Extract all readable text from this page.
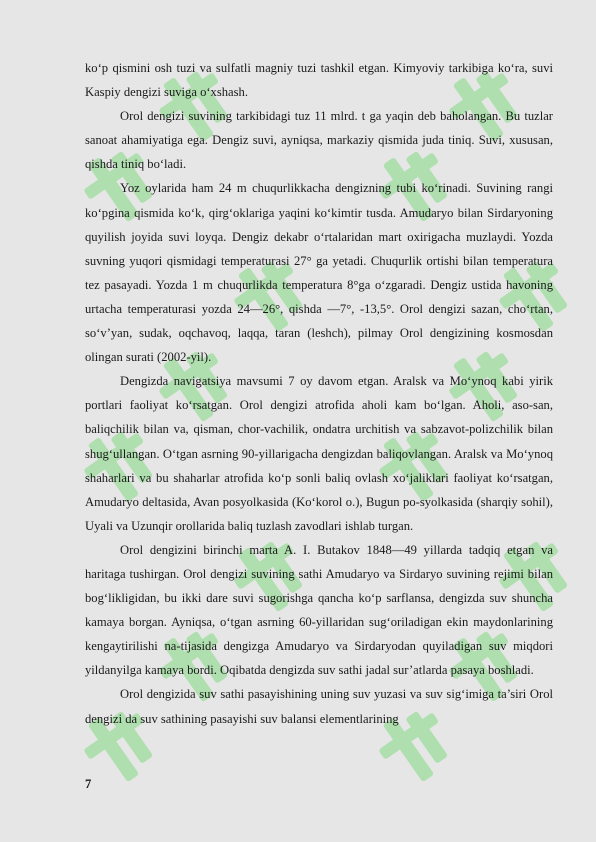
ko‘p qismini osh tuzi va sulfatli magniy tuzi tashkil etgan. Kimyoviy tarkibiga ko‘ra, suvi Kaspiy dengizi suviga o‘xshash.

Orol dengizi suvining tarkibidagi tuz 11 mlrd. t ga yaqin deb baholangan. Bu tuzlar sanoat ahamiyatiga ega. Dengiz suvi, ayniqsa, markaziy qismida juda tiniq. Suvi, xususan, qishda tiniq bo‘ladi.

Yoz oylarida ham 24 m chuqurlikkacha dengizning tubi ko‘rinadi. Suvining rangi ko‘pgina qismida ko‘k, qirg‘oklariga yaqini ko‘kimtir tusda. Amudaryo bilan Sirdaryoning quyilish joyida suvi loyqa. Dengiz dekabr o‘rtalaridan mart oxirigacha muzlaydi. Yozda suvning yuqori qismidagi temperaturasi 27° ga yetadi. Chuqurlik ortishi bilan temperatura tez pasayadi. Yozda 1 m chuqurlikda temperatura 8°ga o‘zgaradi. Dengiz ustida havoning urtacha temperaturasi yozda 24—26°, qishda —7°, -13,5°. Orol dengizi sazan, cho‘rtan, so‘v’yan, sudak, oqchavoq, laqqa, taran (leshch), pilmay Orol dengizining kosmosdan olingan surati (2002-yil).

Dengizda navigatsiya mavsumi 7 oy davom etgan. Aralsk va Mo‘ynoq kabi yirik portlari faoliyat ko‘rsatgan. Orol dengizi atrofida aholi kam bo‘lgan. Aholi, aso-san, baliqchilik bilan va, qisman, chor-vachilik, ondatra urchitish va sabzavot-polizchilik bilan shug‘ullangan. O‘tgan asrning 90-yillarigacha dengizdan baliqovlangan. Aralsk va Mo‘ynoq shaharlari va bu shaharlar atrofida ko‘p sonli baliq ovlash xo‘jaliklari faoliyat ko‘rsatgan, Amudaryo deltasida, Avan posyolkasida (Ko‘korol o.), Bugun po-syolkasida (sharqiy sohil), Uyali va Uzunqir orollarida baliq tuzlash zavodlari ishlab turgan.

Orol dengizini birinchi marta A. I. Butakov 1848—49 yillarda tadqiq etgan va haritaga tushirgan. Orol dengizi suvining sathi Amudaryo va Sirdaryo suvining rejimi bilan bog‘likligidan, bu ikki dare suvi sugorishga qancha ko‘p sarflansa, dengizda suv shuncha kamaya borgan. Ayniqsa, o‘tgan asrning 60-yillaridan sug‘oriladigan ekin maydonlarining kengaytirilishi na-tijasida dengizga Amudaryo va Sirdaryodan quyiladigan suv miqdori yildanyilga kamaya bordi. Oqibatda dengizda suv sathi jadal sur’atlarda pasaya boshladi.

Orol dengizida suv sathi pasayishining uning suv yuzasi va suv sig‘imiga ta’siri Orol dengizi da suv sathining pasayishi suv balansi elementlarining

7
